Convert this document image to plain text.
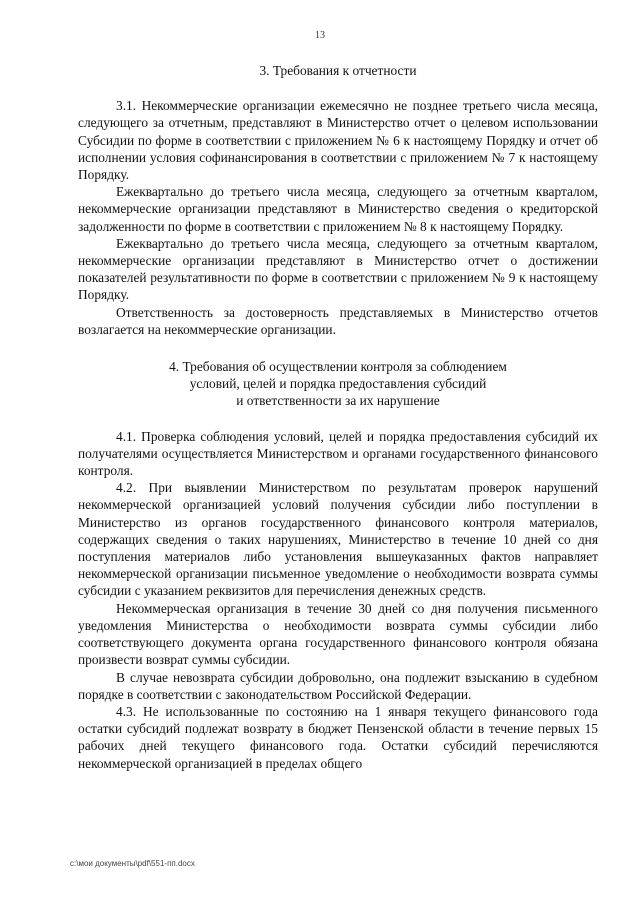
13
3. Требования к отчетности

3.1. Некоммерческие организации ежемесячно не позднее третьего числа месяца, следующего за отчетным, представляют в Министерство отчет о целевом использовании Субсидии по форме в соответствии с приложением № 6 к настоящему Порядку и отчет об исполнении условия софинансирования в соответствии с приложением № 7 к настоящему Порядку.

Ежеквартально до третьего числа месяца, следующего за отчетным кварталом, некоммерческие организации представляют в Министерство сведения о кредиторской задолженности по форме в соответствии с приложением № 8 к настоящему Порядку.

Ежеквартально до третьего числа месяца, следующего за отчетным кварталом, некоммерческие организации представляют в Министерство отчет о достижении показателей результативности по форме в соответствии с приложением № 9 к настоящему Порядку.

Ответственность за достоверность представляемых в Министерство отчетов возлагается на некоммерческие организации.

4. Требования об осуществлении контроля за соблюдением
условий, целей и порядка предоставления субсидий
и ответственности за их нарушение

4.1. Проверка соблюдения условий, целей и порядка предоставления субсидий их получателями осуществляется Министерством и органами государственного финансового контроля.

4.2. При выявлении Министерством по результатам проверок нарушений некоммерческой организацией условий получения субсидии либо поступлении в Министерство из органов государственного финансового контроля материалов, содержащих сведения о таких нарушениях, Министерство в течение 10 дней со дня поступления материалов либо установления вышеуказанных фактов направляет некоммерческой организации письменное уведомление о необходимости возврата суммы субсидии с указанием реквизитов для перечисления денежных средств.

Некоммерческая организация в течение 30 дней со дня получения письменного уведомления Министерства о необходимости возврата суммы субсидии либо соответствующего документа органа государственного финансового контроля обязана произвести возврат суммы субсидии.

В случае невозврата субсидии добровольно, она подлежит взысканию в судебном порядке в соответствии с законодательством Российской Федерации.

4.3. Не использованные по состоянию на 1 января текущего финансового года остатки субсидий подлежат возврату в бюджет Пензенской области в течение первых 15 рабочих дней текущего финансового года. Остатки субсидий перечисляются некоммерческой организацией в пределах общего

c:\мои документы\pdf\551-пп.docx
